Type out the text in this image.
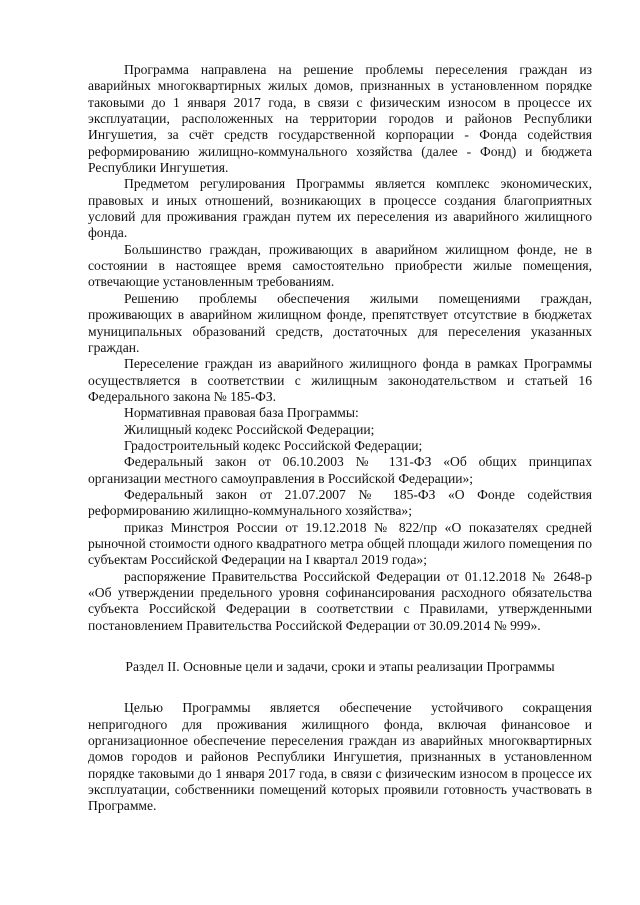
Программа направлена на решение проблемы переселения граждан из аварийных многоквартирных жилых домов, признанных в установленном порядке таковыми до 1 января 2017 года, в связи с физическим износом в процессе их эксплуатации, расположенных на территории городов и районов Республики Ингушетия, за счёт средств государственной корпорации - Фонда содействия реформированию жилищно-коммунального хозяйства (далее - Фонд) и бюджета Республики Ингушетия.

Предметом регулирования Программы является комплекс экономических, правовых и иных отношений, возникающих в процессе создания благоприятных условий для проживания граждан путем их переселения из аварийного жилищного фонда.

Большинство граждан, проживающих в аварийном жилищном фонде, не в состоянии в настоящее время самостоятельно приобрести жилые помещения, отвечающие установленным требованиям.

Решению проблемы обеспечения жилыми помещениями граждан, проживающих в аварийном жилищном фонде, препятствует отсутствие в бюджетах муниципальных образований средств, достаточных для переселения указанных граждан.

Переселение граждан из аварийного жилищного фонда в рамках Программы осуществляется в соответствии с жилищным законодательством и статьей 16 Федерального закона № 185-ФЗ.

Нормативная правовая база Программы:

Жилищный кодекс Российской Федерации;

Градостроительный кодекс Российской Федерации;

Федеральный закон от 06.10.2003 № 131-ФЗ «Об общих принципах организации местного самоуправления в Российской Федерации»;

Федеральный закон от 21.07.2007 № 185-ФЗ «О Фонде содействия реформированию жилищно-коммунального хозяйства»;

приказ Минстроя России от 19.12.2018 № 822/пр «О показателях средней рыночной стоимости одного квадратного метра общей площади жилого помещения по субъектам Российской Федерации на I квартал 2019 года»;

распоряжение Правительства Российской Федерации от 01.12.2018 № 2648-р «Об утверждении предельного уровня софинансирования расходного обязательства субъекта Российской Федерации в соответствии с Правилами, утвержденными постановлением Правительства Российской Федерации от 30.09.2014 № 999».

Раздел II. Основные цели и задачи, сроки и этапы реализации Программы

Целью Программы является обеспечение устойчивого сокращения непригодного для проживания жилищного фонда, включая финансовое и организационное обеспечение переселения граждан из аварийных многоквартирных домов городов и районов Республики Ингушетия, признанных в установленном порядке таковыми до 1 января 2017 года, в связи с физическим износом в процессе их эксплуатации, собственники помещений которых проявили готовность участвовать в Программе.
